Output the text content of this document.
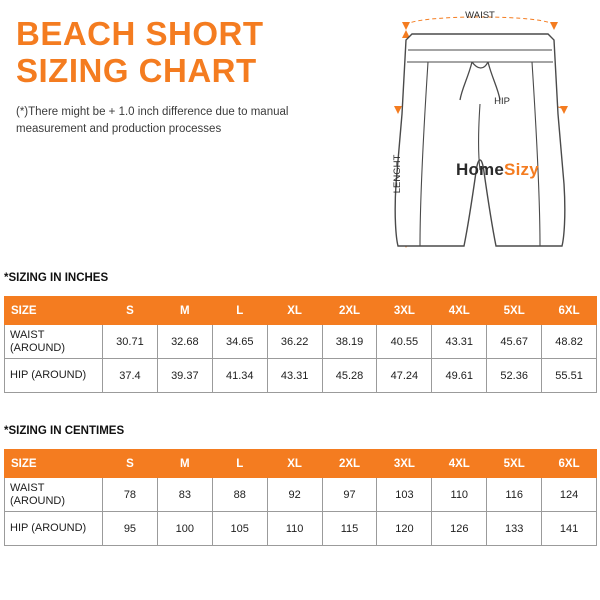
BEACH SHORT
SIZING CHART
(*)There might be + 1.0 inch difference due to manual measurement and production processes
WAIST
HIP
LENGHT	HomeSizy
*SIZING IN INCHES
SIZE	S	M	L	XL	2XL	3XL	4XL	5XL	6XL
WAIST (AROUND)	30.71	32.68	34.65	36.22	38.19	40.55	43.31	45.67	48.82
HIP (AROUND)	37.4	39.37	41.34	43.31	45.28	47.24	49.61	52.36	55.51
*SIZING IN CENTIMES
SIZE	S	M	L	XL	2XL	3XL	4XL	5XL	6XL
WAIST (AROUND)	78	83	88	92	97	103	110	116	124
HIP (AROUND)	95	100	105	110	115	120	126	133	141
